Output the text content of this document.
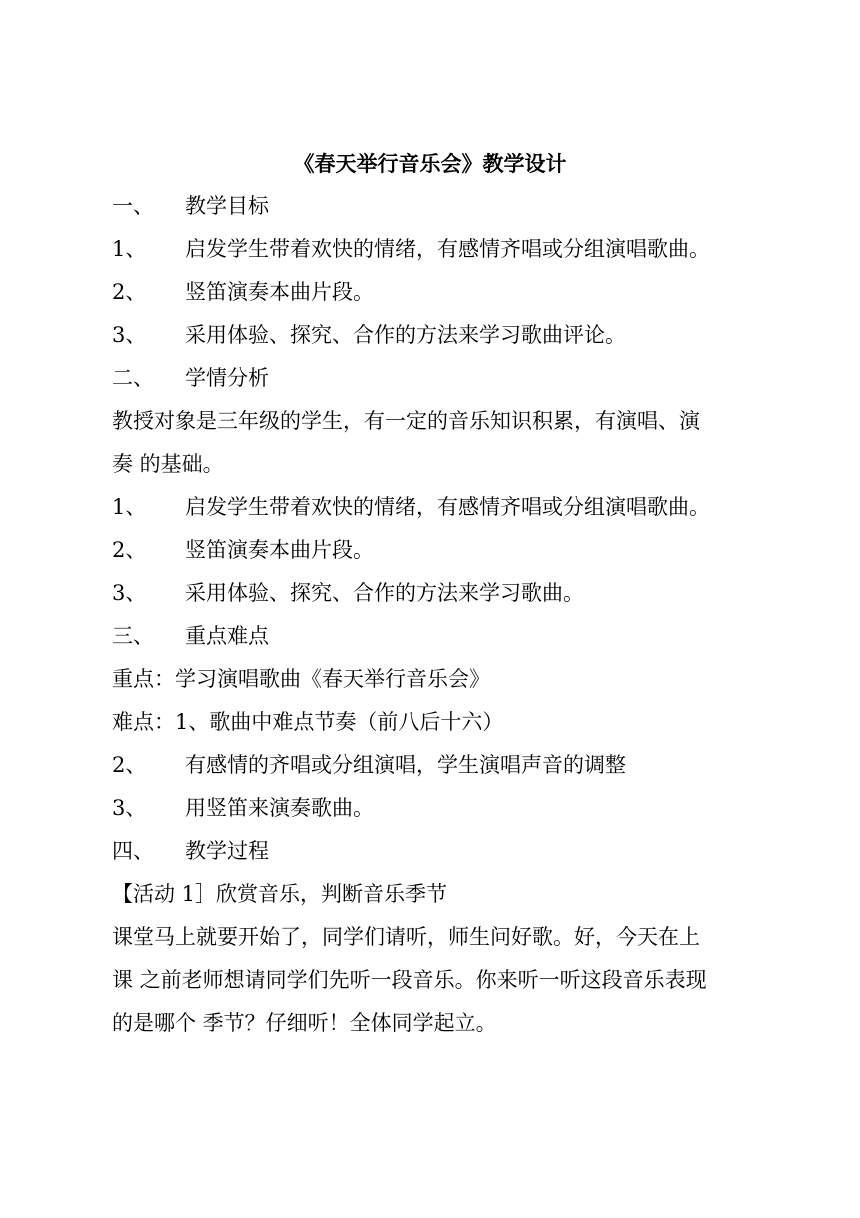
《春天举行音乐会》教学设计
一、 教学目标
1、 启发学生带着欢快的情绪，有感情齐唱或分组演唱歌曲。
2、 竖笛演奏本曲片段。
3、 采用体验、探究、合作的方法来学习歌曲评论。
二、 学情分析
教授对象是三年级的学生，有一定的音乐知识积累，有演唱、演
奏 的基础。
1、 启发学生带着欢快的情绪，有感情齐唱或分组演唱歌曲。
2、 竖笛演奏本曲片段。
3、 采用体验、探究、合作的方法来学习歌曲。
三、 重点难点
重点：学习演唱歌曲《春天举行音乐会》
难点：1、歌曲中难点节奏（前八后十六）
2、 有感情的齐唱或分组演唱，学生演唱声音的调整
3、 用竖笛来演奏歌曲。
四、 教学过程
【活动 1］欣赏音乐，判断音乐季节
课堂马上就要开始了，同学们请听，师生问好歌。好，今天在上
课 之前老师想请同学们先听一段音乐。你来听一听这段音乐表现
的是哪个 季节？仔细听！全体同学起立。
